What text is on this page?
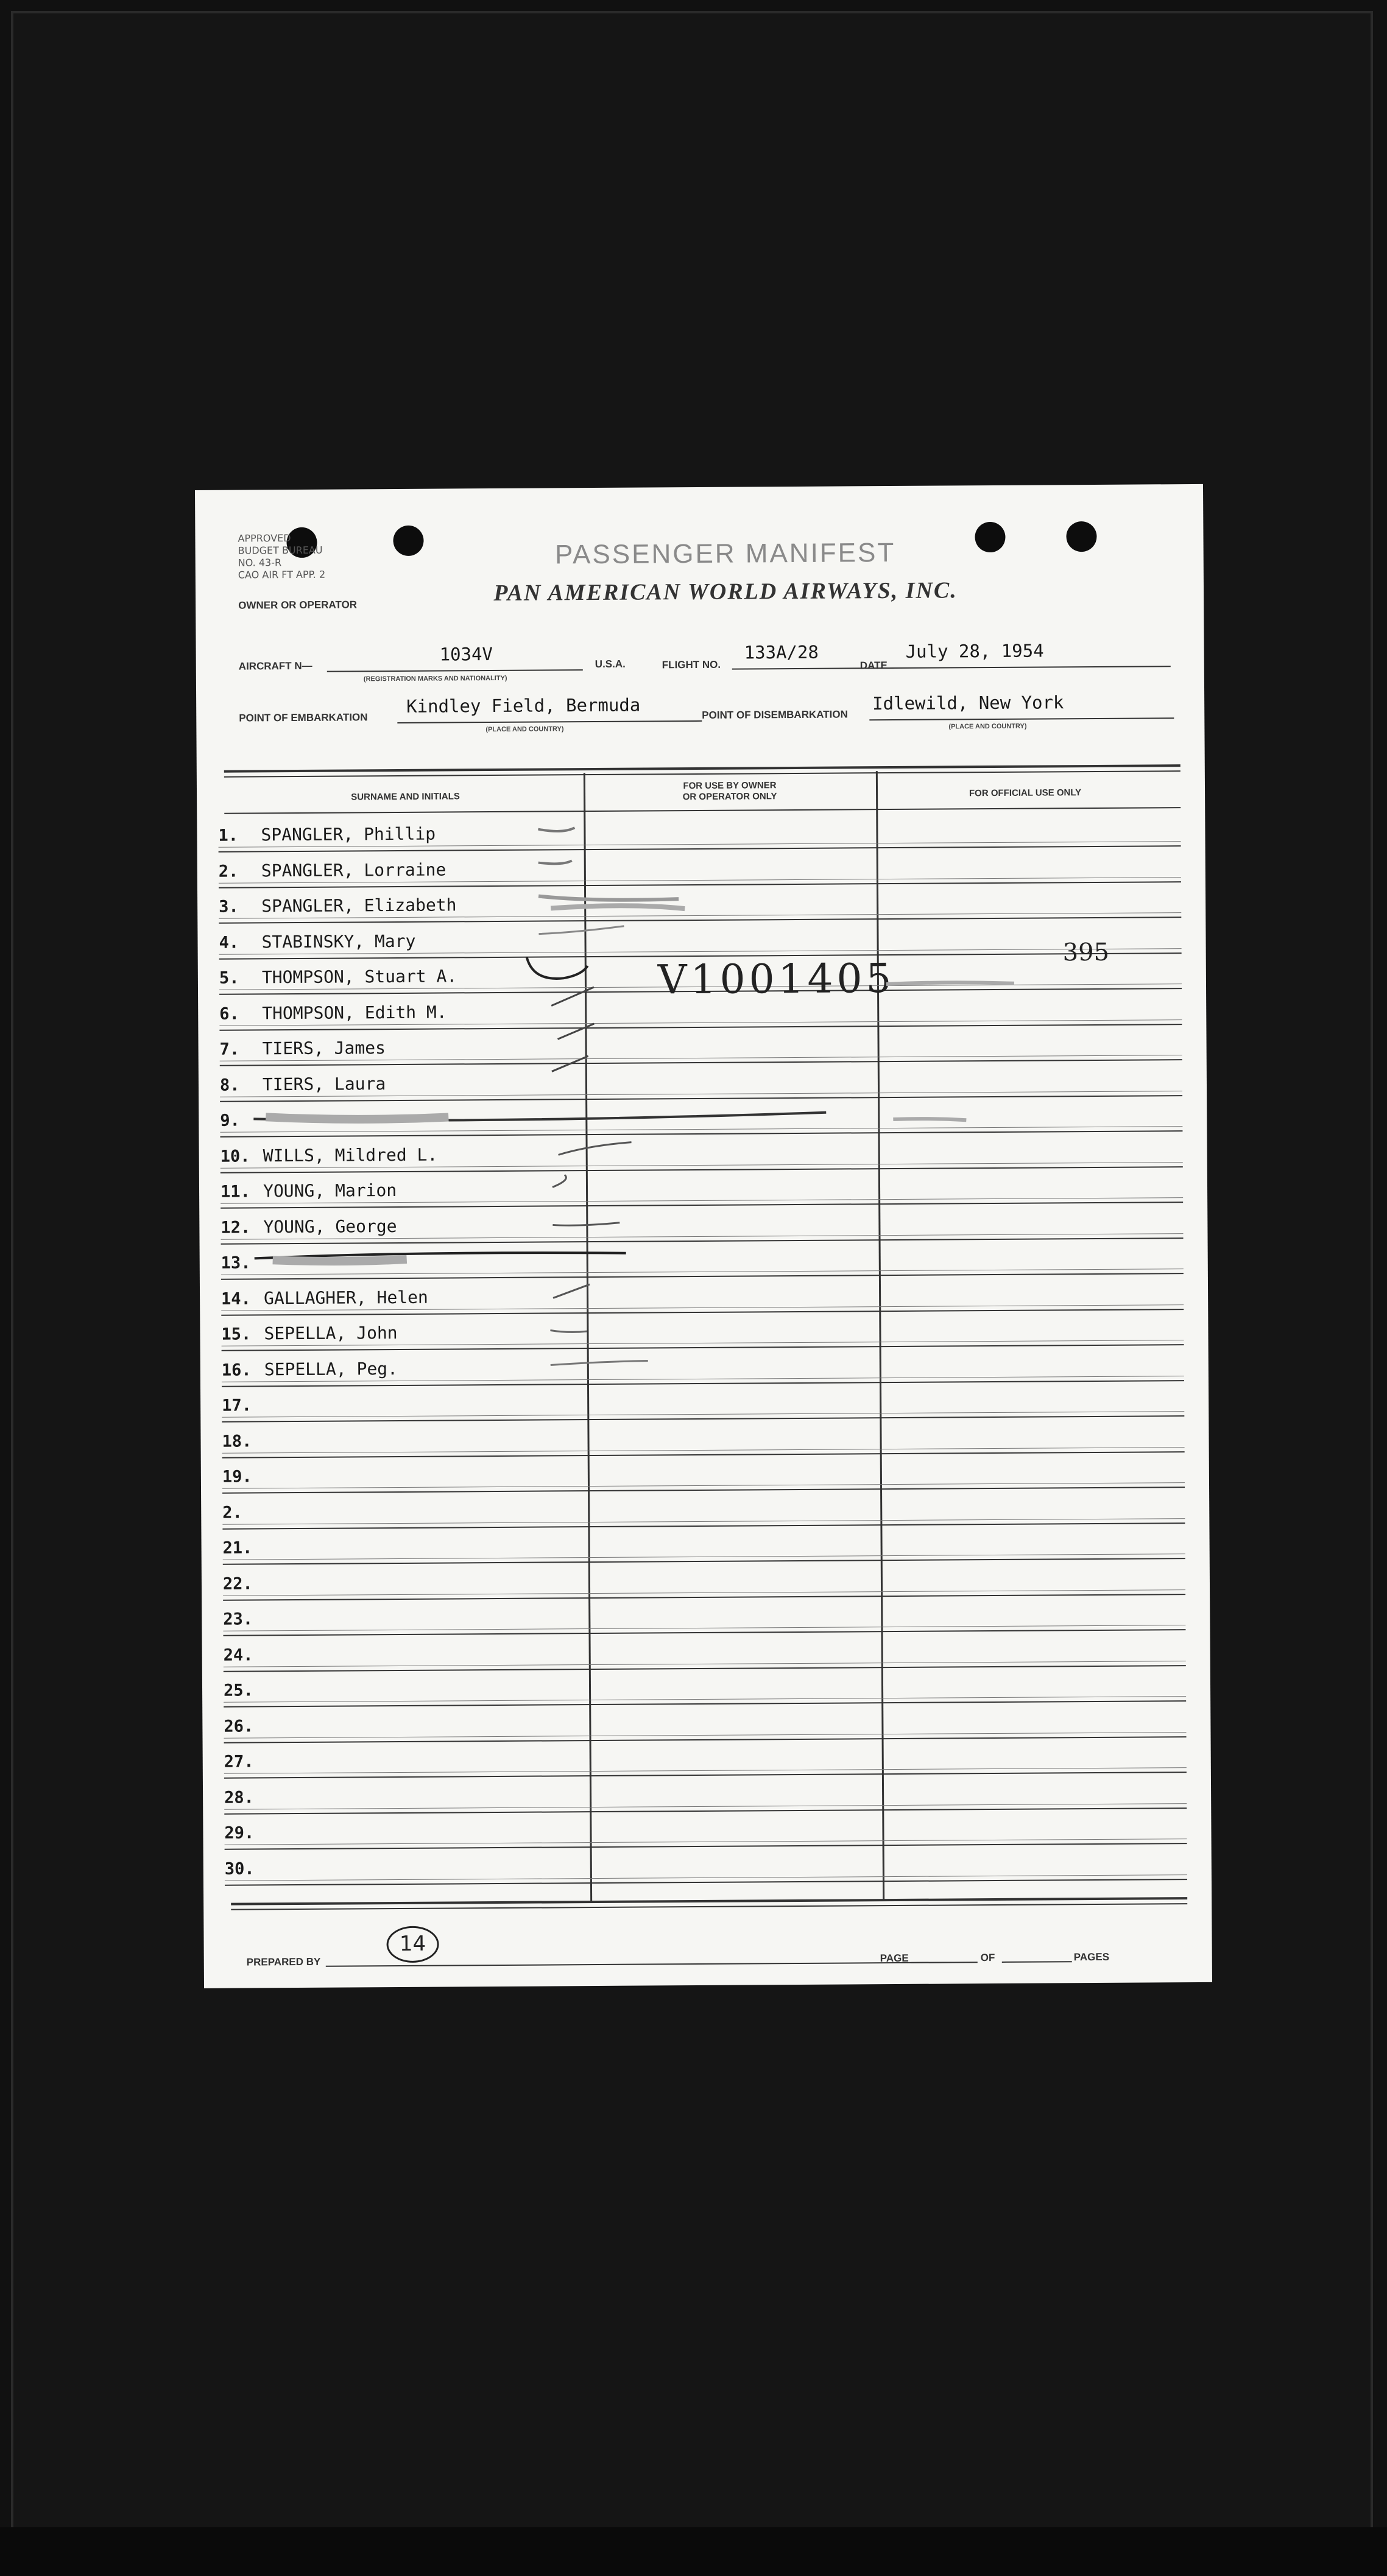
APPROVED
BUDGET BUREAU
NO. 43-R
CAO AIR FT APP. 2
PASSENGER MANIFEST
PAN AMERICAN WORLD AIRWAYS, INC.
OWNER OR OPERATOR
AIRCRAFT N—
1034V
(REGISTRATION MARKS AND NATIONALITY)
U.S.A.	FLIGHT NO.
133A/28
DATE
July 28, 1954
POINT OF EMBARKATION
Kindley Field, Bermuda
(PLACE AND COUNTRY)
POINT OF DISEMBARKATION
Idlewild, New York
(PLACE AND COUNTRY)
SURNAME AND INITIALS
FOR USE BY OWNER
OR OPERATOR ONLY	FOR OFFICIAL USE ONLY
1. SPANGLER, Phillip
2. SPANGLER, Lorraine
3. SPANGLER, Elizabeth
4. STABINSKY, Mary
5. THOMPSON, Stuart A.
6. THOMPSON, Edith M.
7. TIERS, James
8. TIERS, Laura
9.
10. WILLS, Mildred L.
11. YOUNG, Marion
12. YOUNG, George
13.
14. GALLAGHER, Helen
15. SEPELLA, John
16. SEPELLA, Peg.
17.
18.
19.
2.
21.
22.
23.
24.
25.
26.
27.
28.
29.
30.
395
V1001405
PREPARED BY
14
PAGE	OF	PAGES
